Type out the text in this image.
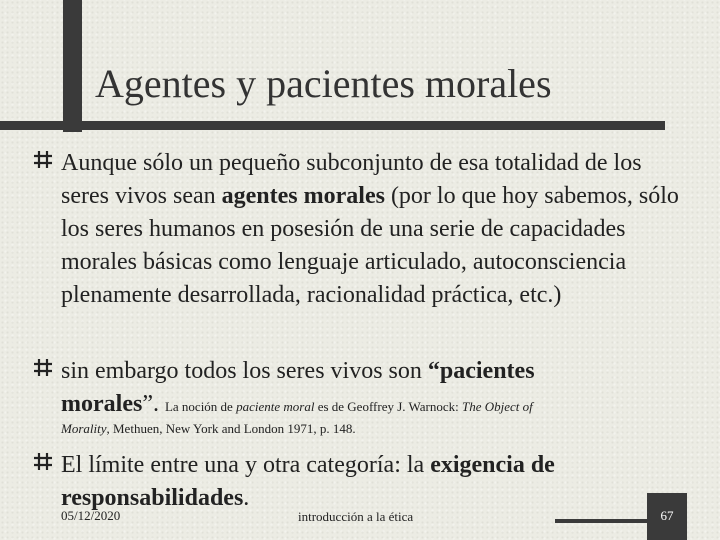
Agentes y pacientes morales
Aunque sólo un pequeño subconjunto de esa totalidad de los seres vivos sean agentes morales (por lo que hoy sabemos, sólo los seres humanos en posesión de una serie de capacidades morales básicas como lenguaje articulado, autoconsciencia plenamente desarrollada, racionalidad práctica, etc.)
sin embargo todos los seres vivos son “pacientes
morales”. La noción de paciente moral es de Geoffrey J. Warnock: The Object of
Morality, Methuen, New York and London 1971, p. 148.
El límite entre una y otra categoría: la exigencia de responsabilidades.
05/12/2020	introducción a la ética	67
